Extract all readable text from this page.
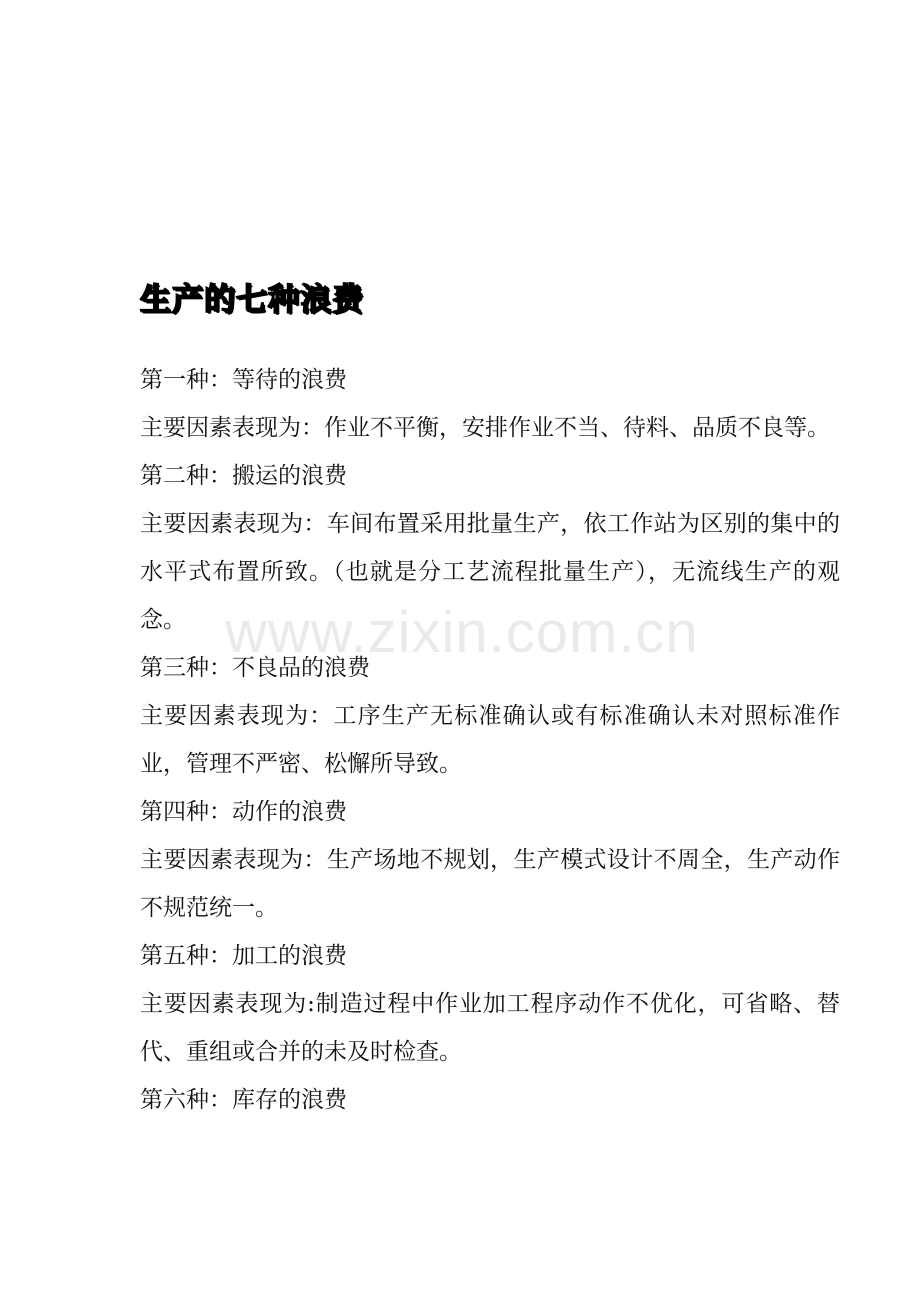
生产的七种浪费

第一种：等待的浪费

主要因素表现为：作业不平衡，安排作业不当、待料、品质不良等。

第二种：搬运的浪费

主要因素表现为：车间布置采用批量生产，依工作站为区别的集中的水平式布置所致。（也就是分工艺流程批量生产），无流线生产的观念。

第三种：不良品的浪费

主要因素表现为：工序生产无标准确认或有标准确认未对照标准作业，管理不严密、松懈所导致。

第四种：动作的浪费

主要因素表现为：生产场地不规划，生产模式设计不周全，生产动作不规范统一。

第五种：加工的浪费

主要因素表现为:制造过程中作业加工程序动作不优化，可省略、替代、重组或合并的未及时检查。

第六种：库存的浪费

www.zixin.com.cn
